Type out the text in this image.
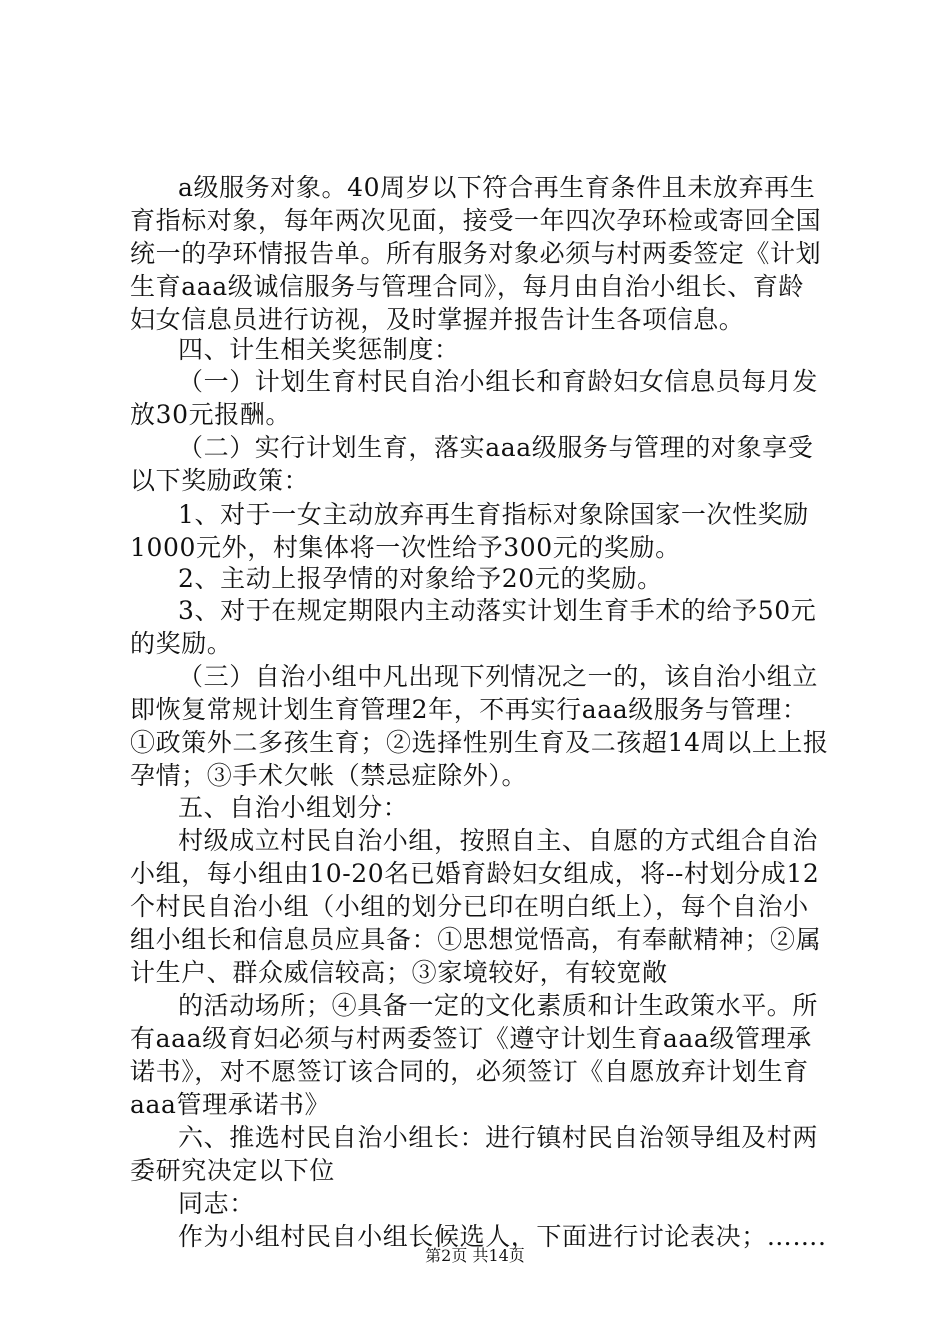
a级服务对象。40周岁以下符合再生育条件且未放弃再生
育指标对象，每年两次见面，接受一年四次孕环检或寄回全国
统一的孕环情报告单。所有服务对象必须与村两委签定《计划
生育aaa级诚信服务与管理合同》，每月由自治小组长、育龄
妇女信息员进行访视，及时掌握并报告计生各项信息。
四、计生相关奖惩制度：
（一）计划生育村民自治小组长和育龄妇女信息员每月发
放30元报酬。
（二）实行计划生育，落实aaa级服务与管理的对象享受
以下奖励政策：
1、对于一女主动放弃再生育指标对象除国家一次性奖励
1000元外，村集体将一次性给予300元的奖励。
2、主动上报孕情的对象给予20元的奖励。
3、对于在规定期限内主动落实计划生育手术的给予50元
的奖励。
（三）自治小组中凡出现下列情况之一的，该自治小组立
即恢复常规计划生育管理2年，不再实行aaa级服务与管理：
①政策外二多孩生育；②选择性别生育及二孩超14周以上上报
孕情；③手术欠帐（禁忌症除外）。
五、自治小组划分：
村级成立村民自治小组，按照自主、自愿的方式组合自治
小组，每小组由10-20名已婚育龄妇女组成，将--村划分成12
个村民自治小组（小组的划分已印在明白纸上），每个自治小
组小组长和信息员应具备：①思想觉悟高，有奉献精神；②属
计生户、群众威信较高；③家境较好，有较宽敞
的活动场所；④具备一定的文化素质和计生政策水平。所
有aaa级育妇必须与村两委签订《遵守计划生育aaa级管理承
诺书》，对不愿签订该合同的，必须签订《自愿放弃计划生育
aaa管理承诺书》
六、推选村民自治小组长：进行镇村民自治领导组及村两
委研究决定以下位
同志：
作为小组村民自小组长候选人，下面进行讨论表决；…….
第2页 共14页
